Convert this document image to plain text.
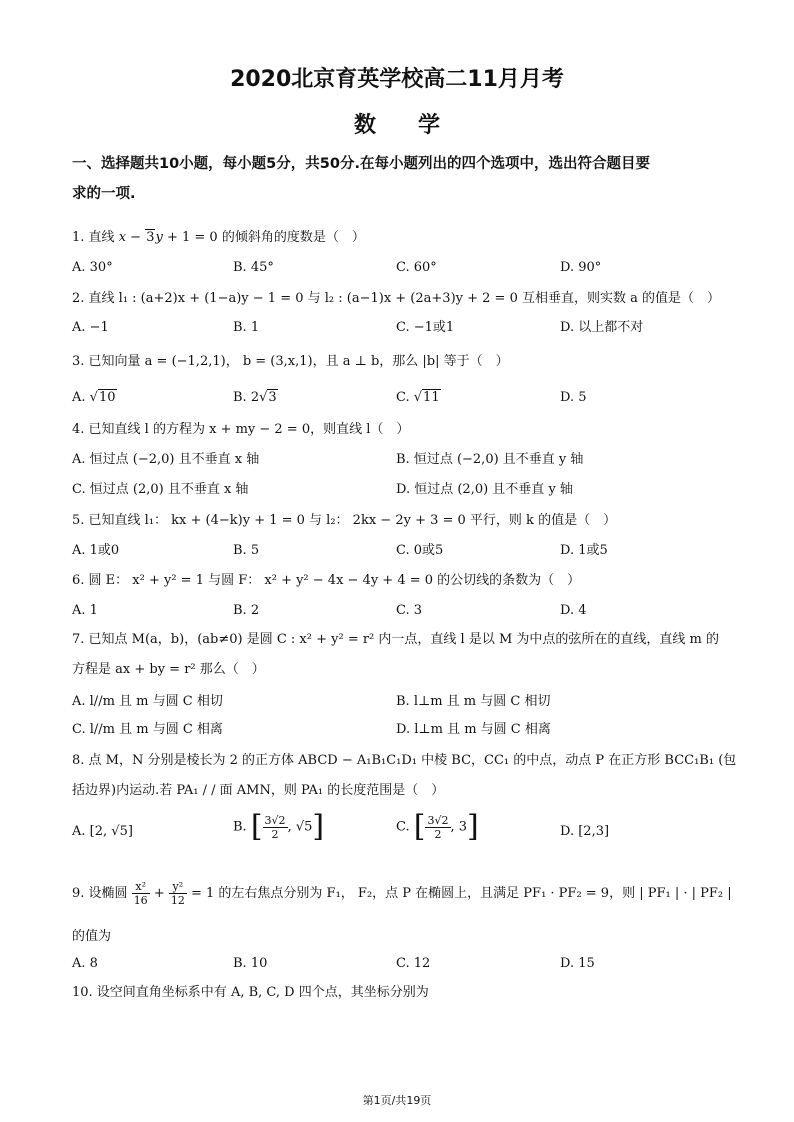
2020北京育英学校高二11月月考
数学
一、选择题共10小题，每小题5分，共50分.在每小题列出的四个选项中，选出符合题目要
求的一项.
1. 直线 x − 3y + 1 = 0 的倾斜角的度数是（　）
A. 30°	B. 45°	C. 60°	D. 90°
2. 直线 l₁ : (a+2)x + (1−a)y − 1 = 0 与 l₂ : (a−1)x + (2a+3)y + 2 = 0 互相垂直，则实数 a 的值是（　）
A. −1	B. 1	C. −1或1	D. 以上都不对
3. 已知向量 a = (−1,2,1)， b = (3,x,1)，且 a ⊥ b，那么 |b| 等于（　）
A. √10	B. 2√3	C. √11	D. 5
4. 已知直线 l 的方程为 x + my − 2 = 0，则直线 l（　）
A. 恒过点 (−2,0) 且不垂直 x 轴	B. 恒过点 (−2,0) 且不垂直 y 轴
C. 恒过点 (2,0) 且不垂直 x 轴	D. 恒过点 (2,0) 且不垂直 y 轴
5. 已知直线 l₁： kx + (4−k)y + 1 = 0 与 l₂： 2kx − 2y + 3 = 0 平行，则 k 的值是（　）
A. 1或0	B. 5	C. 0或5	D. 1或5
6. 圆 E： x² + y² = 1 与圆 F： x² + y² − 4x − 4y + 4 = 0 的公切线的条数为（　）
A. 1	B. 2	C. 3	D. 4
7. 已知点 M(a，b)，(ab≠0) 是圆 C : x² + y² = r² 内一点，直线 l 是以 M 为中点的弦所在的直线，直线 m 的
方程是 ax + by = r² 那么（　）
A. l//m 且 m 与圆 C 相切	B. l⊥m 且 m 与圆 C 相切
C. l//m 且 m 与圆 C 相离	D. l⊥m 且 m 与圆 C 相离
8. 点 M，N 分别是棱长为 2 的正方体 ABCD − A₁B₁C₁D₁ 中棱 BC，CC₁ 的中点，动点 P 在正方形 BCC₁B₁ (包
括边界)内运动.若 PA₁ / / 面 AMN，则 PA₁ 的长度范围是（　）
A. [2, √5]	B. [ $\frac{3√2}{2}$ , √5]	C. [ $\frac{3√2}{2}$ , 3]	D. [2,3]
9. 设椭圆 $\frac{\text{x²}}{16} + \frac{\text{y²}}{12} = 1$ 的左右焦点分别为 F₁， F₂，点 P 在椭圆上，且满足 PF₁ · PF₂ = 9，则 | PF₁ | · | PF₂ |
的值为
A. 8	B. 10	C. 12	D. 15
10. 设空间直角坐标系中有 A, B, C, D 四个点，其坐标分别为
第1页/共19页
